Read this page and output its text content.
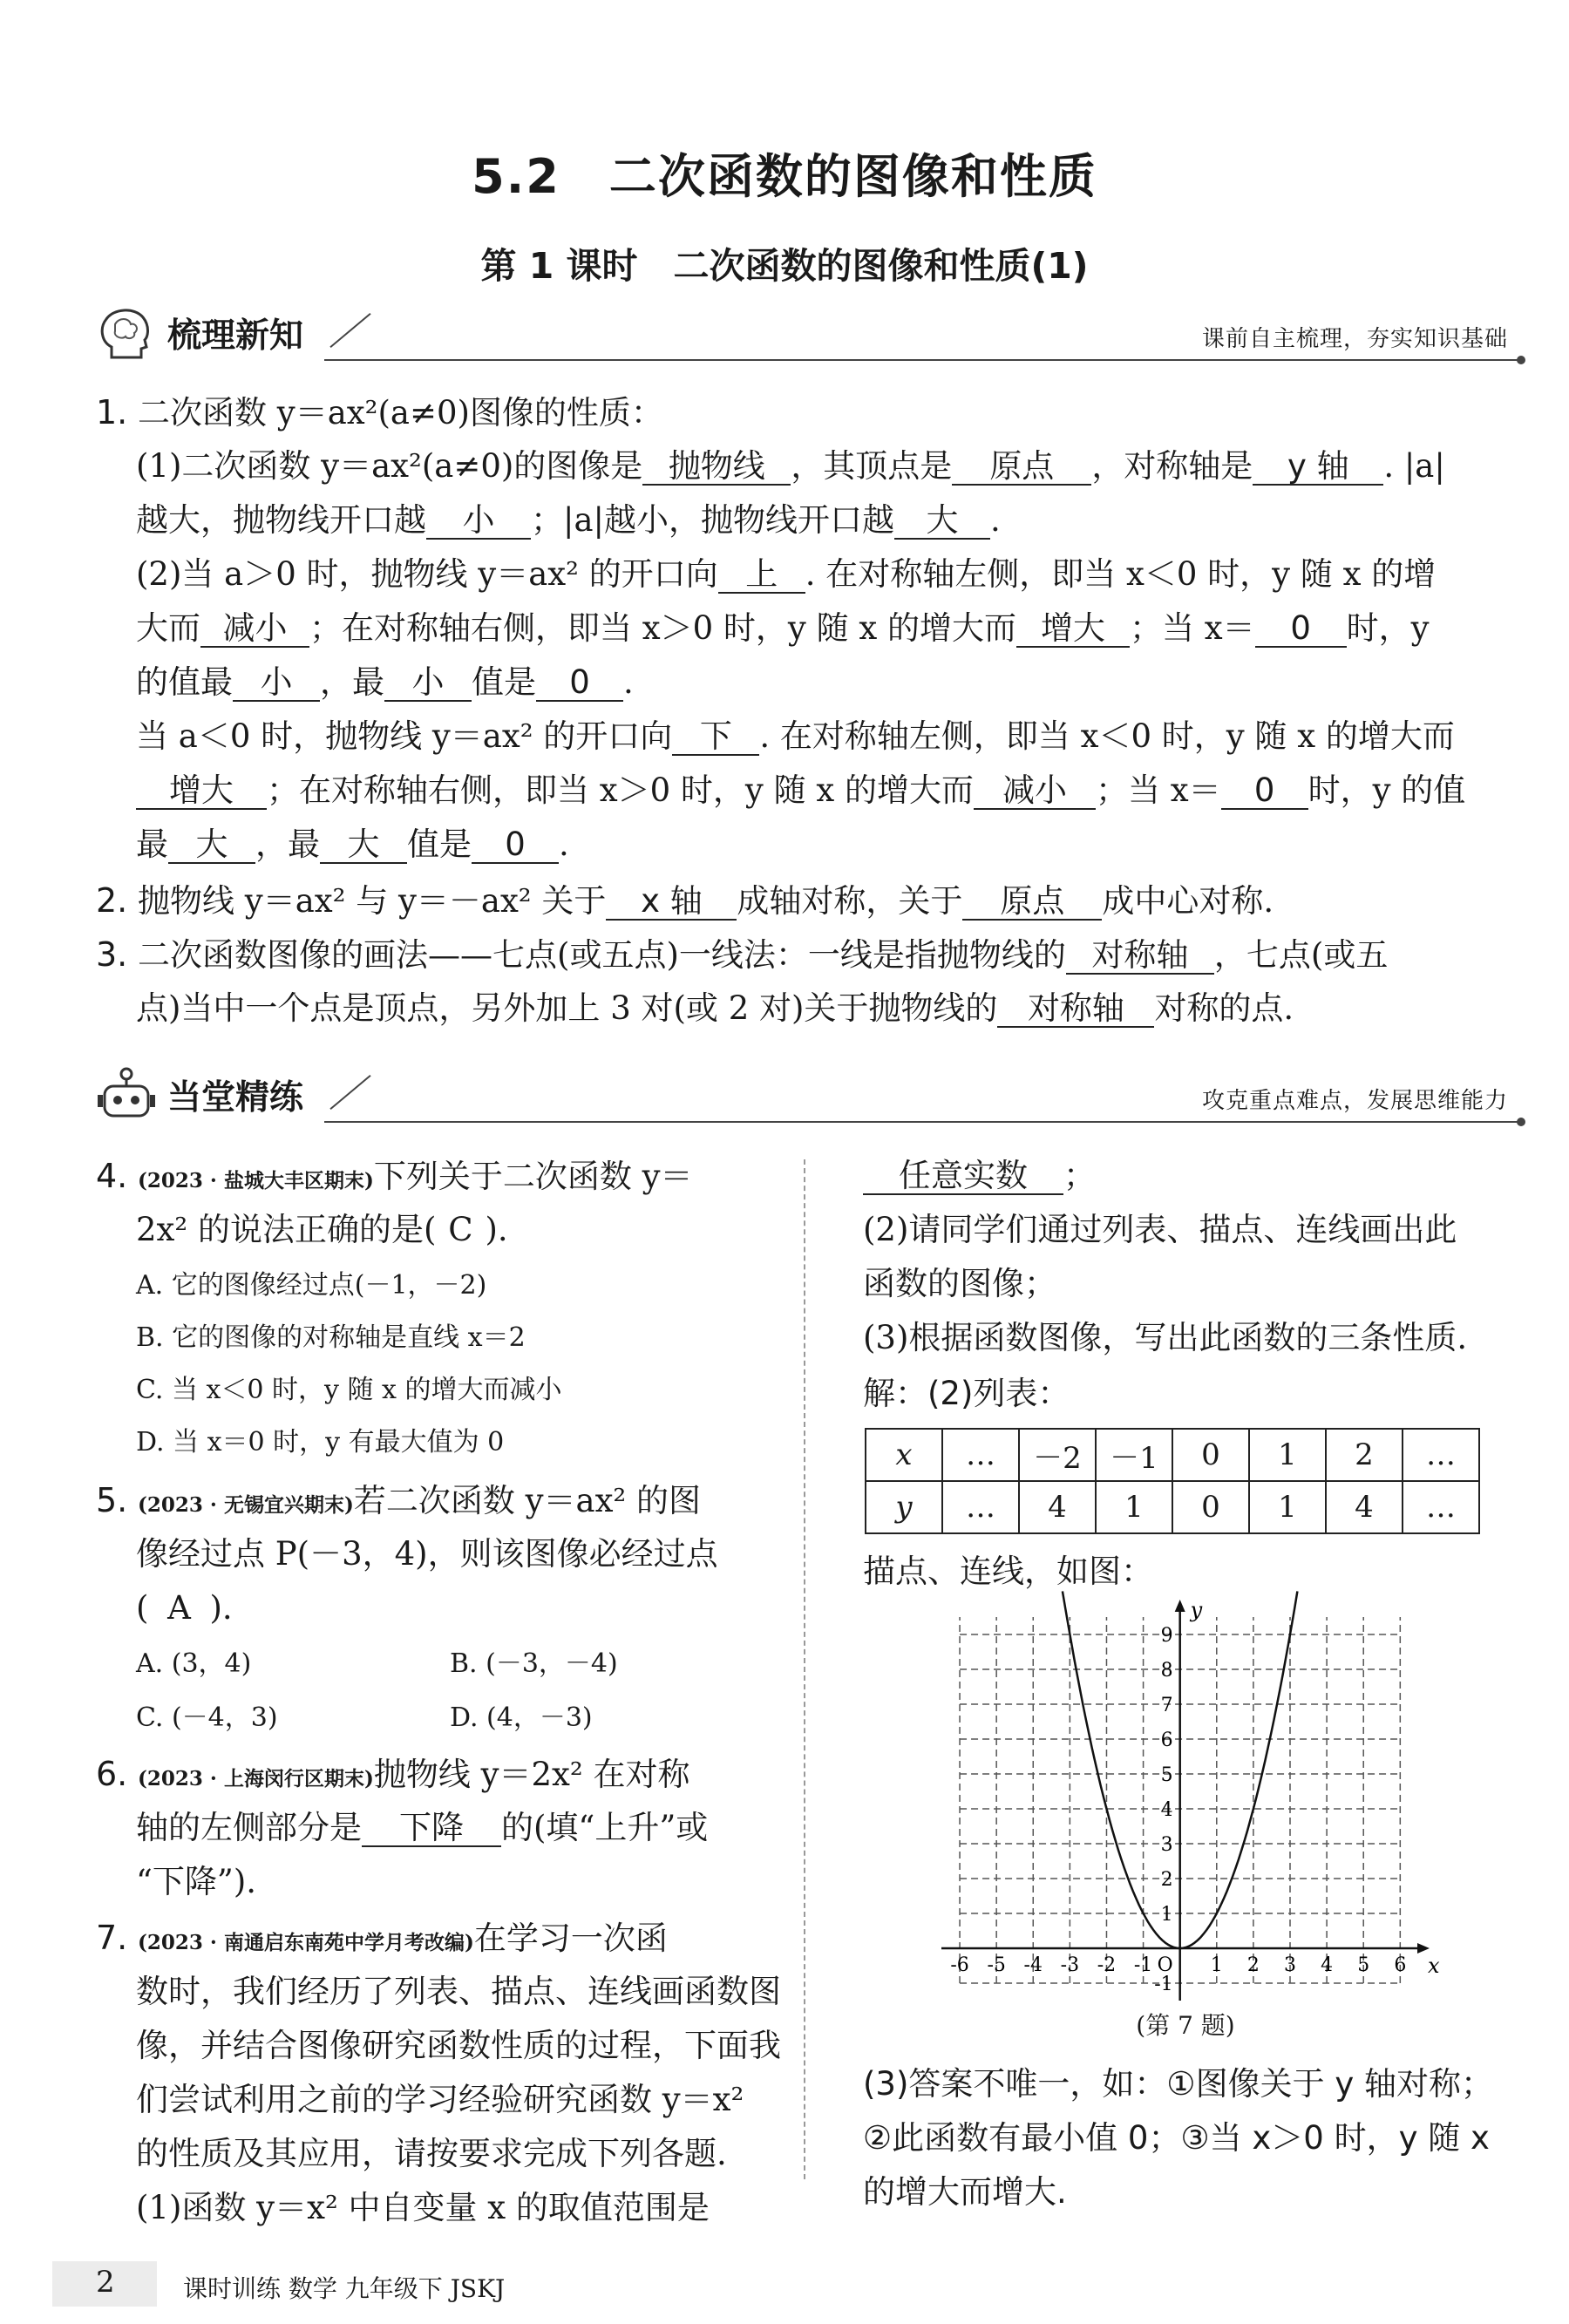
5.2　二次函数的图像和性质
第 1 课时　二次函数的图像和性质(1)
梳理新知	课前自主梳理，夯实知识基础
1. 二次函数 y＝ax²(a≠0)图像的性质：
(1)二次函数 y＝ax²(a≠0)的图像是 抛物线 ，其顶点是 原点 ，对称轴是 y 轴 . |a|
越大，抛物线开口越 小 ；|a|越小，抛物线开口越 大 .
(2)当 a＞0 时，抛物线 y＝ax² 的开口向 上 . 在对称轴左侧，即当 x＜0 时，y 随 x 的增
大而 减小 ；在对称轴右侧，即当 x＞0 时，y 随 x 的增大而 增大 ；当 x＝ 0 时，y
的值最 小 ，最 小 值是 0 .
当 a＜0 时，抛物线 y＝ax² 的开口向 下 . 在对称轴左侧，即当 x＜0 时，y 随 x 的增大而
增大 ；在对称轴右侧，即当 x＞0 时，y 随 x 的增大而 减小 ；当 x＝ 0 时，y 的值
最 大 ，最 大 值是 0 .
2. 抛物线 y＝ax² 与 y＝－ax² 关于 x 轴 成轴对称，关于 原点 成中心对称.
3. 二次函数图像的画法——七点(或五点)一线法：一线是指抛物线的 对称轴 ，七点(或五
点)当中一个点是顶点，另外加上 3 对(或 2 对)关于抛物线的 对称轴 对称的点.
当堂精练	攻克重点难点，发展思维能力
4. (2023 · 盐城大丰区期末)下列关于二次函数 y＝
2x² 的说法正确的是( C ).
A. 它的图像经过点(－1，－2)
B. 它的图像的对称轴是直线 x＝2
C. 当 x＜0 时，y 随 x 的增大而减小
D. 当 x＝0 时，y 有最大值为 0
5. (2023 · 无锡宜兴期末)若二次函数 y＝ax² 的图
像经过点 P(－3，4)，则该图像必经过点
( A ).
A. (3，4)	B. (－3，－4)
C. (－4，3)	D. (4，－3)
6. (2023 · 上海闵行区期末)抛物线 y＝2x² 在对称
轴的左侧部分是 下降 的(填“上升”或
“下降”).
7. (2023 · 南通启东南苑中学月考改编)在学习一次函
数时，我们经历了列表、描点、连线画函数图
像，并结合图像研究函数性质的过程，下面我
们尝试利用之前的学习经验研究函数 y＝x²
的性质及其应用，请按要求完成下列各题.
(1)函数 y＝x² 中自变量 x 的取值范围是
任意实数 ；
(2)请同学们通过列表、描点、连线画出此
函数的图像；
(3)根据函数图像，写出此函数的三条性质.
解：(2)列表：
x	…	－2	－1	0	1	2	…
y	…	4	1	0	1	4	…
描点、连线，如图：
x
y
O
-6 -5 -4 -3 -2 -1	1 2 3 4 5 6
-1
1
2
3
4
5
6
7
8
9
(第 7 题)
(3)答案不唯一，如：①图像关于 y 轴对称；
②此函数有最小值 0；③当 x＞0 时，y 随 x
的增大而增大.
2	课时训练 数学 九年级下 JSKJ
